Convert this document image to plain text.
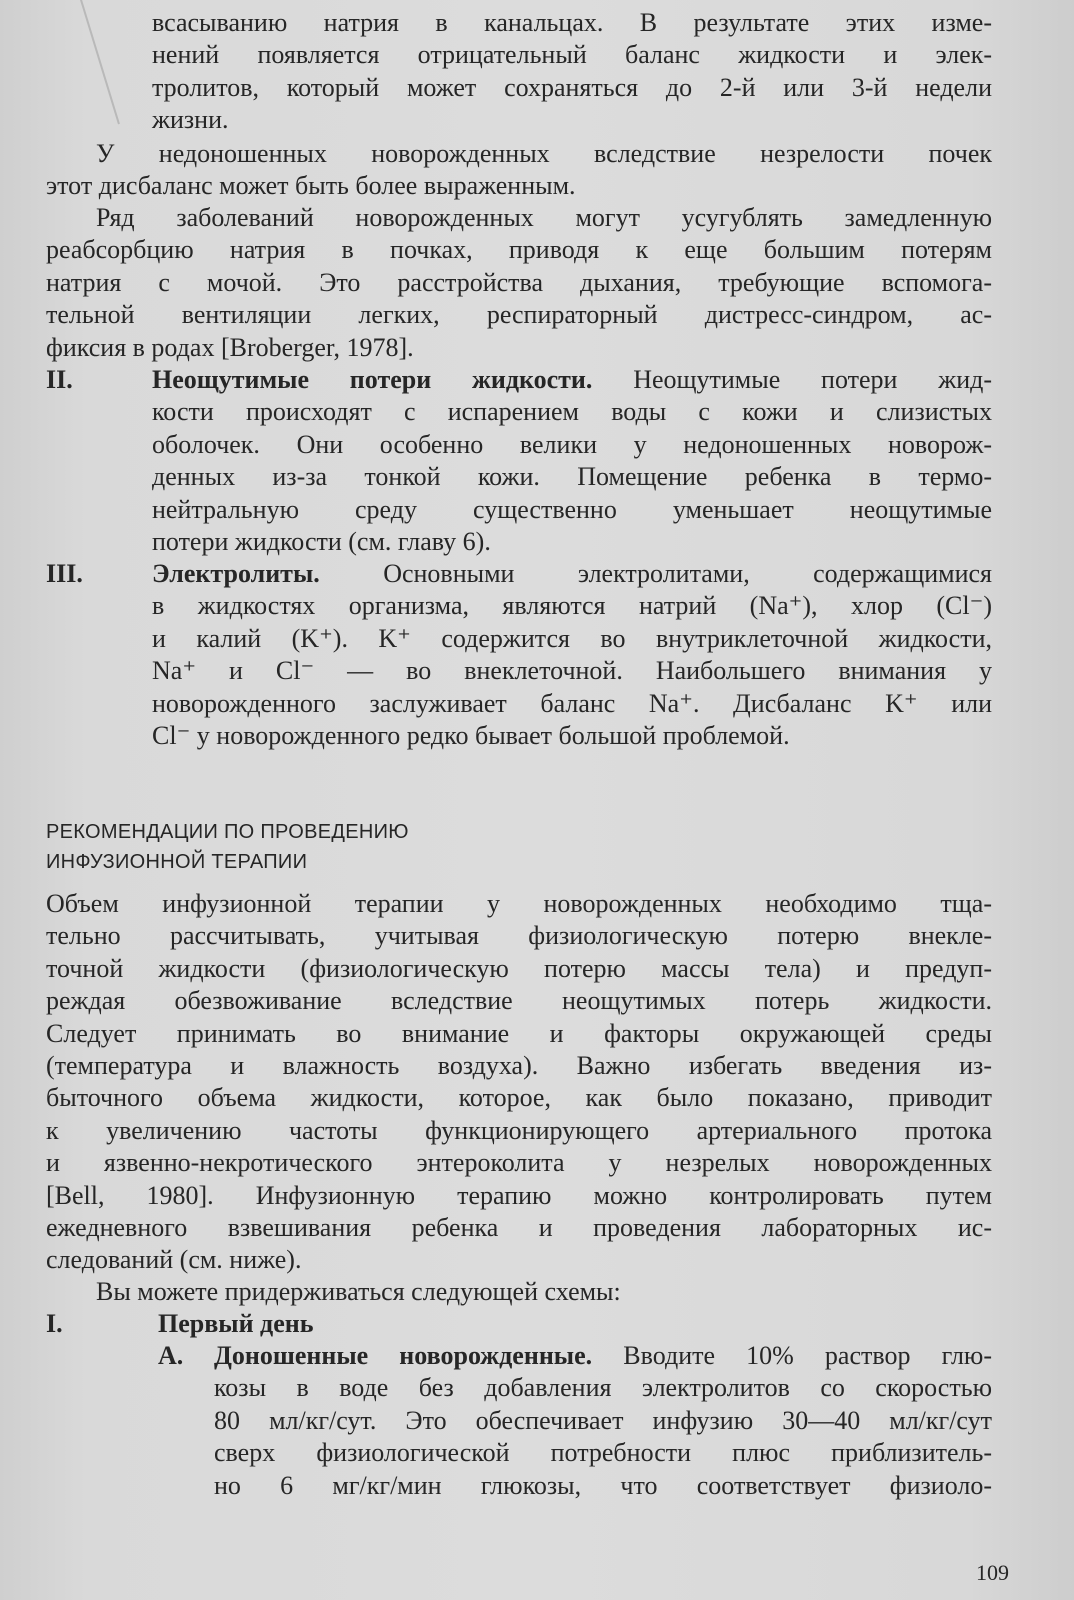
всасыванию натрия в канальцах. В результате этих изме-
нений появляется отрицательный баланс жидкости и элек-
тролитов, который может сохраняться до 2-й или 3-й недели
жизни.
У недоношенных новорожденных вследствие незрелости почек
этот дисбаланс может быть более выраженным.
Ряд заболеваний новорожденных могут усугублять замедленную
реабсорбцию натрия в почках, приводя к еще большим потерям
натрия с мочой. Это расстройства дыхания, требующие вспомога-
тельной вентиляции легких, респираторный дистресс-синдром, ас-
фиксия в родах [Broberger, 1978].
II.	Неощутимые потери жидкости. Неощутимые потери жид-
кости происходят с испарением воды с кожи и слизистых
оболочек. Они особенно велики у недоношенных новорож-
денных из-за тонкой кожи. Помещение ребенка в термо-
нейтральную среду существенно уменьшает неощутимые
потери жидкости (см. главу 6).
III.	Электролиты. Основными электролитами, содержащимися
в жидкостях организма, являются натрий (Na⁺), хлор (Cl⁻)
и калий (K⁺). K⁺ содержится во внутриклеточной жидкости,
Na⁺ и Cl⁻ — во внеклеточной. Наибольшего внимания у
новорожденного заслуживает баланс Na⁺. Дисбаланс K⁺ или
Cl⁻ у новорожденного редко бывает большой проблемой.
РЕКОМЕНДАЦИИ ПО ПРОВЕДЕНИЮ
ИНФУЗИОННОЙ ТЕРАПИИ
Объем инфузионной терапии у новорожденных необходимо тща-
тельно рассчитывать, учитывая физиологическую потерю внекле-
точной жидкости (физиологическую потерю массы тела) и предуп-
реждая обезвоживание вследствие неощутимых потерь жидкости.
Следует принимать во внимание и факторы окружающей среды
(температура и влажность воздуха). Важно избегать введения из-
быточного объема жидкости, которое, как было показано, приводит
к увеличению частоты функционирующего артериального протока
и язвенно-некротического энтероколита у незрелых новорожденных
[Bell, 1980]. Инфузионную терапию можно контролировать путем
ежедневного взвешивания ребенка и проведения лабораторных ис-
следований (см. ниже).
Вы можете придерживаться следующей схемы:
I.	Первый день
А. Доношенные новорожденные. Вводите 10% раствор глю-
козы в воде без добавления электролитов со скоростью
80 мл/кг/сут. Это обеспечивает инфузию 30—40 мл/кг/сут
сверх физиологической потребности плюс приблизитель-
но 6 мг/кг/мин глюкозы, что соответствует физиоло-
109
